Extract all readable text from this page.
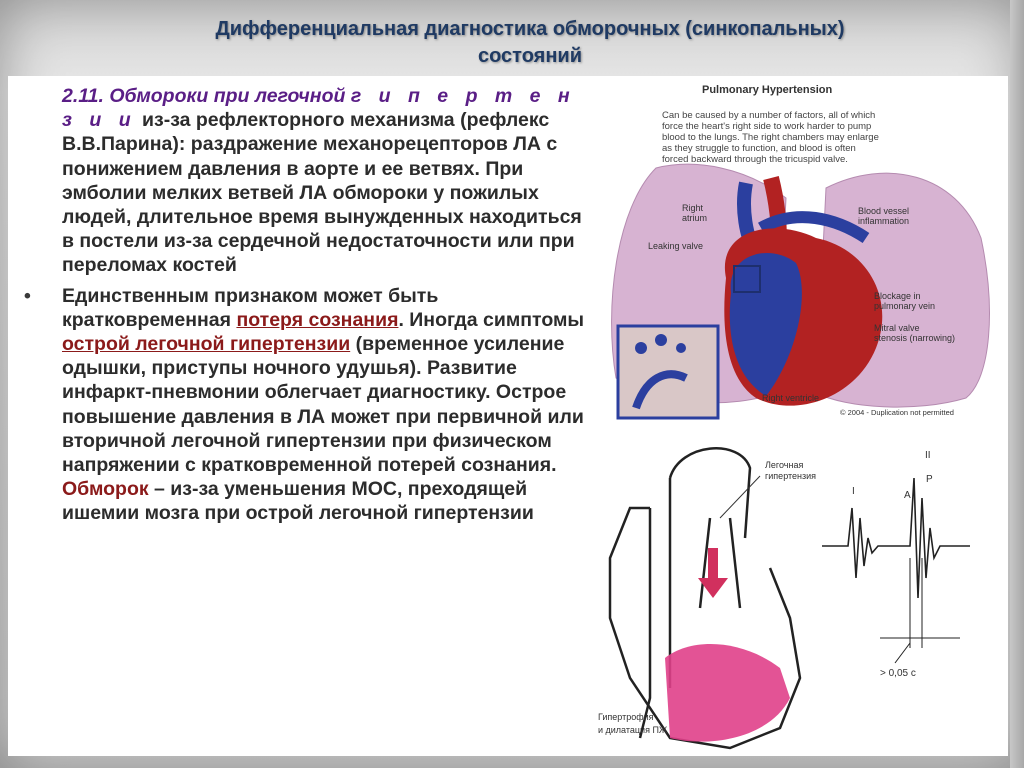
Дифференциальная диагностика обморочных (синкопальных)
состояний

2.11. Обмороки при легочной г и п е р т е н з и и из-за рефлекторного механизма (рефлекс В.В.Парина): раздражение механорецепторов ЛА с понижением давления в аорте и ее ветвях. При эмболии мелких ветвей ЛА обмороки у пожилых людей, длительное время вынужденных находиться в постели из-за сердечной недостаточности или при переломах костей

• Единственным признаком может быть кратковременная потеря сознания. Иногда симптомы острой легочной гипертензии (временное усиление одышки, приступы ночного удушья). Развитие инфаркт-пневмонии облегчает диагностику. Острое повышение давления в ЛА может при первичной или вторичной легочной гипертензии при физическом напряжении с кратковременной потерей сознания. Обморок – из-за уменьшения МОС, преходящей ишемии мозга при острой легочной гипертензии
Pulmonary Hypertension
Can be caused by a number of factors, all of which
force the heart's right side to work harder to pump
blood to the lungs. The right chambers may enlarge
as they struggle to function, and blood is often
forced backward through the tricuspid valve.
Right
atrium
Leaking valve
Blood vessel
inflammation
Blockage in
pulmonary vein
Mitral valve
stenosis (narrowing)
Right ventricle
© 2004 - Duplication not permitted
Легочная
гипертензия
Гипертрофия
и дилатация ПЖ
I
II
A
P
> 0,05 с
